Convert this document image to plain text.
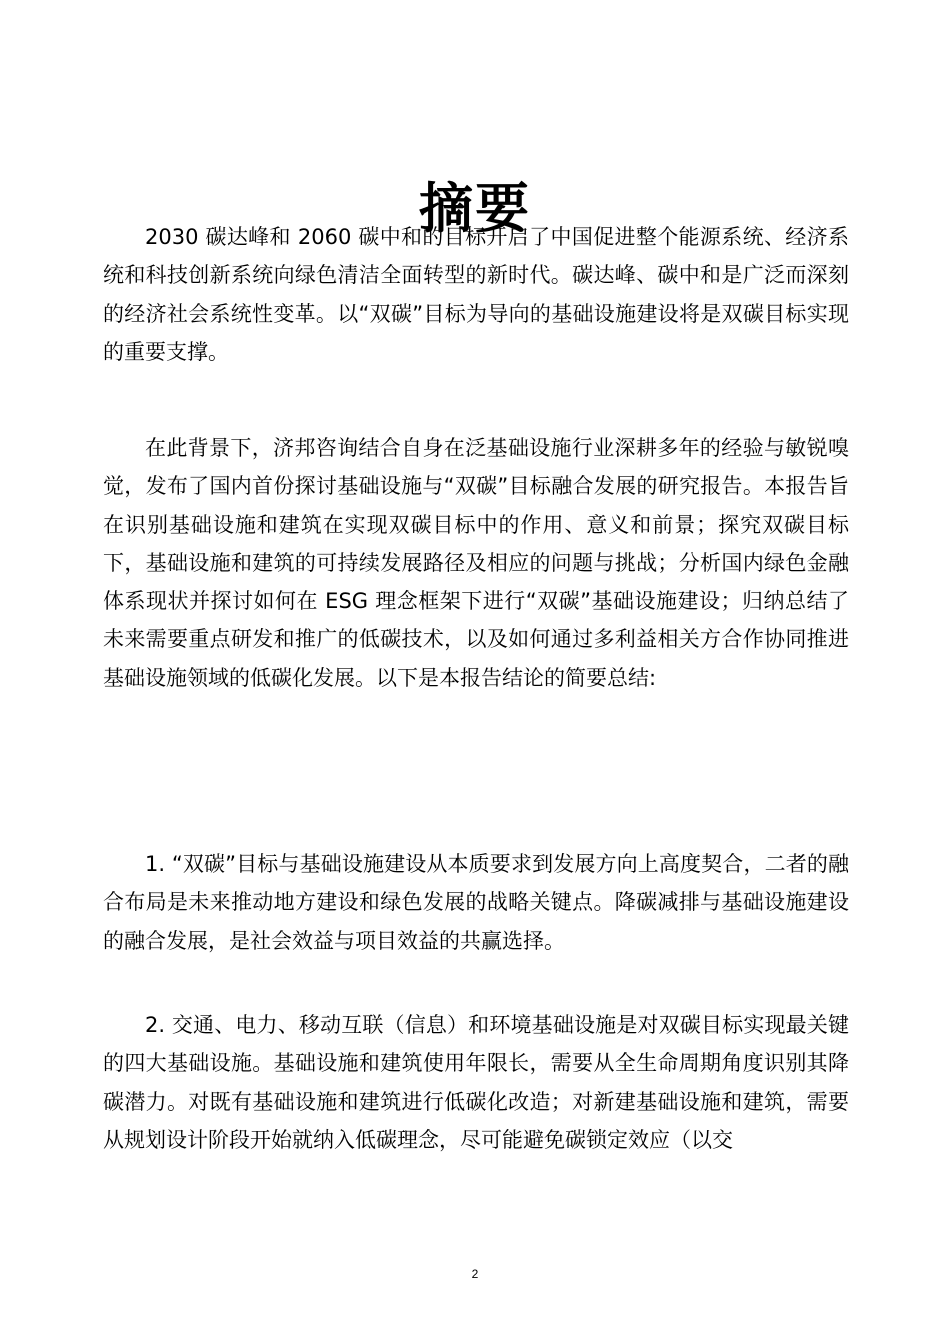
摘要

2030 碳达峰和 2060 碳中和的目标开启了中国促进整个能源系统、经济系统和科技创新系统向绿色清洁全面转型的新时代。碳达峰、碳中和是广泛而深刻的经济社会系统性变革。以“双碳”目标为导向的基础设施建设将是双碳目标实现的重要支撑。

在此背景下，济邦咨询结合自身在泛基础设施行业深耕多年的经验与敏锐嗅觉，发布了国内首份探讨基础设施与“双碳”目标融合发展的研究报告。本报告旨在识别基础设施和建筑在实现双碳目标中的作用、意义和前景；探究双碳目标下，基础设施和建筑的可持续发展路径及相应的问题与挑战；分析国内绿色金融体系现状并探讨如何在 ESG 理念框架下进行“双碳”基础设施建设；归纳总结了未来需要重点研发和推广的低碳技术，以及如何通过多利益相关方合作协同推进基础设施领域的低碳化发展。以下是本报告结论的简要总结:

1. “双碳”目标与基础设施建设从本质要求到发展方向上高度契合，二者的融合布局是未来推动地方建设和绿色发展的战略关键点。降碳减排与基础设施建设的融合发展，是社会效益与项目效益的共赢选择。

2. 交通、电力、移动互联（信息）和环境基础设施是对双碳目标实现最关键的四大基础设施。基础设施和建筑使用年限长，需要从全生命周期角度识别其降碳潜力。对既有基础设施和建筑进行低碳化改造；对新建基础设施和建筑，需要从规划设计阶段开始就纳入低碳理念，尽可能避免碳锁定效应（以交

2
